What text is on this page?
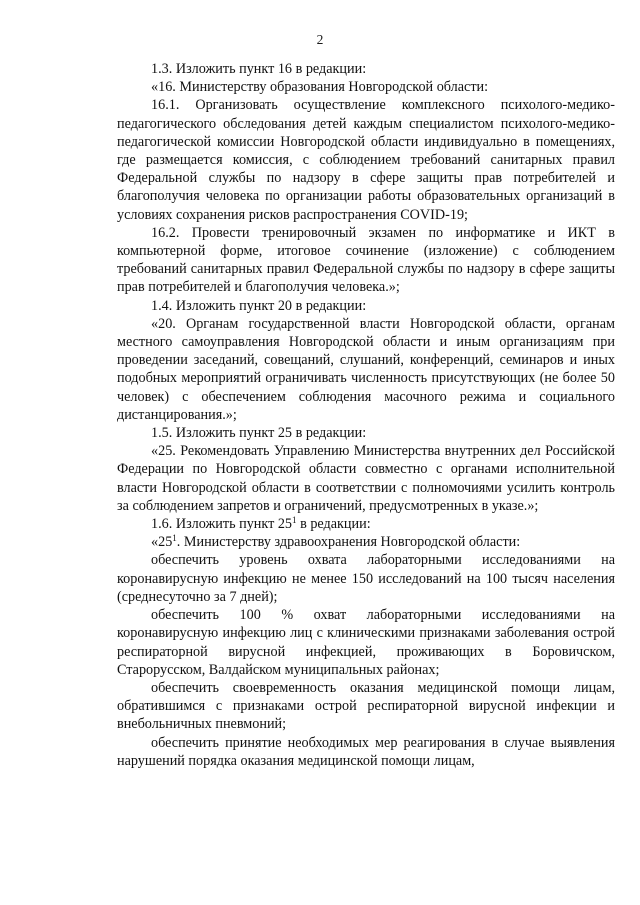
2

1.3. Изложить пункт 16 в редакции:

«16. Министерству образования Новгородской области:

16.1. Организовать осуществление комплексного психолого-медико-педагогического обследования детей каждым специалистом психолого-медико-педагогической комиссии Новгородской области индивидуально в помещениях, где размещается комиссия, с соблюдением требований санитарных правил Федеральной службы по надзору в сфере защиты прав потребителей и благополучия человека по организации работы образовательных организаций в условиях сохранения рисков распространения COVID-19;

16.2. Провести тренировочный экзамен по информатике и ИКТ в компьютерной форме, итоговое сочинение (изложение) с соблюдением требований санитарных правил Федеральной службы по надзору в сфере защиты прав потребителей и благополучия человека.»;

1.4. Изложить пункт 20 в редакции:

«20. Органам государственной власти Новгородской области, органам местного самоуправления Новгородской области и иным организациям при проведении заседаний, совещаний, слушаний, конференций, семинаров и иных подобных мероприятий ограничивать численность присутствующих (не более 50 человек) с обеспечением соблюдения масочного режима и социального дистанцирования.»;

1.5. Изложить пункт 25 в редакции:

«25. Рекомендовать Управлению Министерства внутренних дел Российской Федерации по Новгородской области совместно с органами исполнительной власти Новгородской области в соответствии с полномочиями усилить контроль за соблюдением запретов и ограничений, предусмотренных в указе.»;

1.6. Изложить пункт $25^1$ в редакции:

«$25^1$. Министерству здравоохранения Новгородской области:

обеспечить уровень охвата лабораторными исследованиями на коронавирусную инфекцию не менее 150 исследований на 100 тысяч населения (среднесуточно за 7 дней);

обеспечить 100 % охват лабораторными исследованиями на коронавирусную инфекцию лиц с клиническими признаками заболевания острой респираторной вирусной инфекцией, проживающих в Боровичском, Старорусском, Валдайском муниципальных районах;

обеспечить своевременность оказания медицинской помощи лицам, обратившимся с признаками острой респираторной вирусной инфекции и внебольничных пневмоний;

обеспечить принятие необходимых мер реагирования в случае выявления нарушений порядка оказания медицинской помощи лицам,
